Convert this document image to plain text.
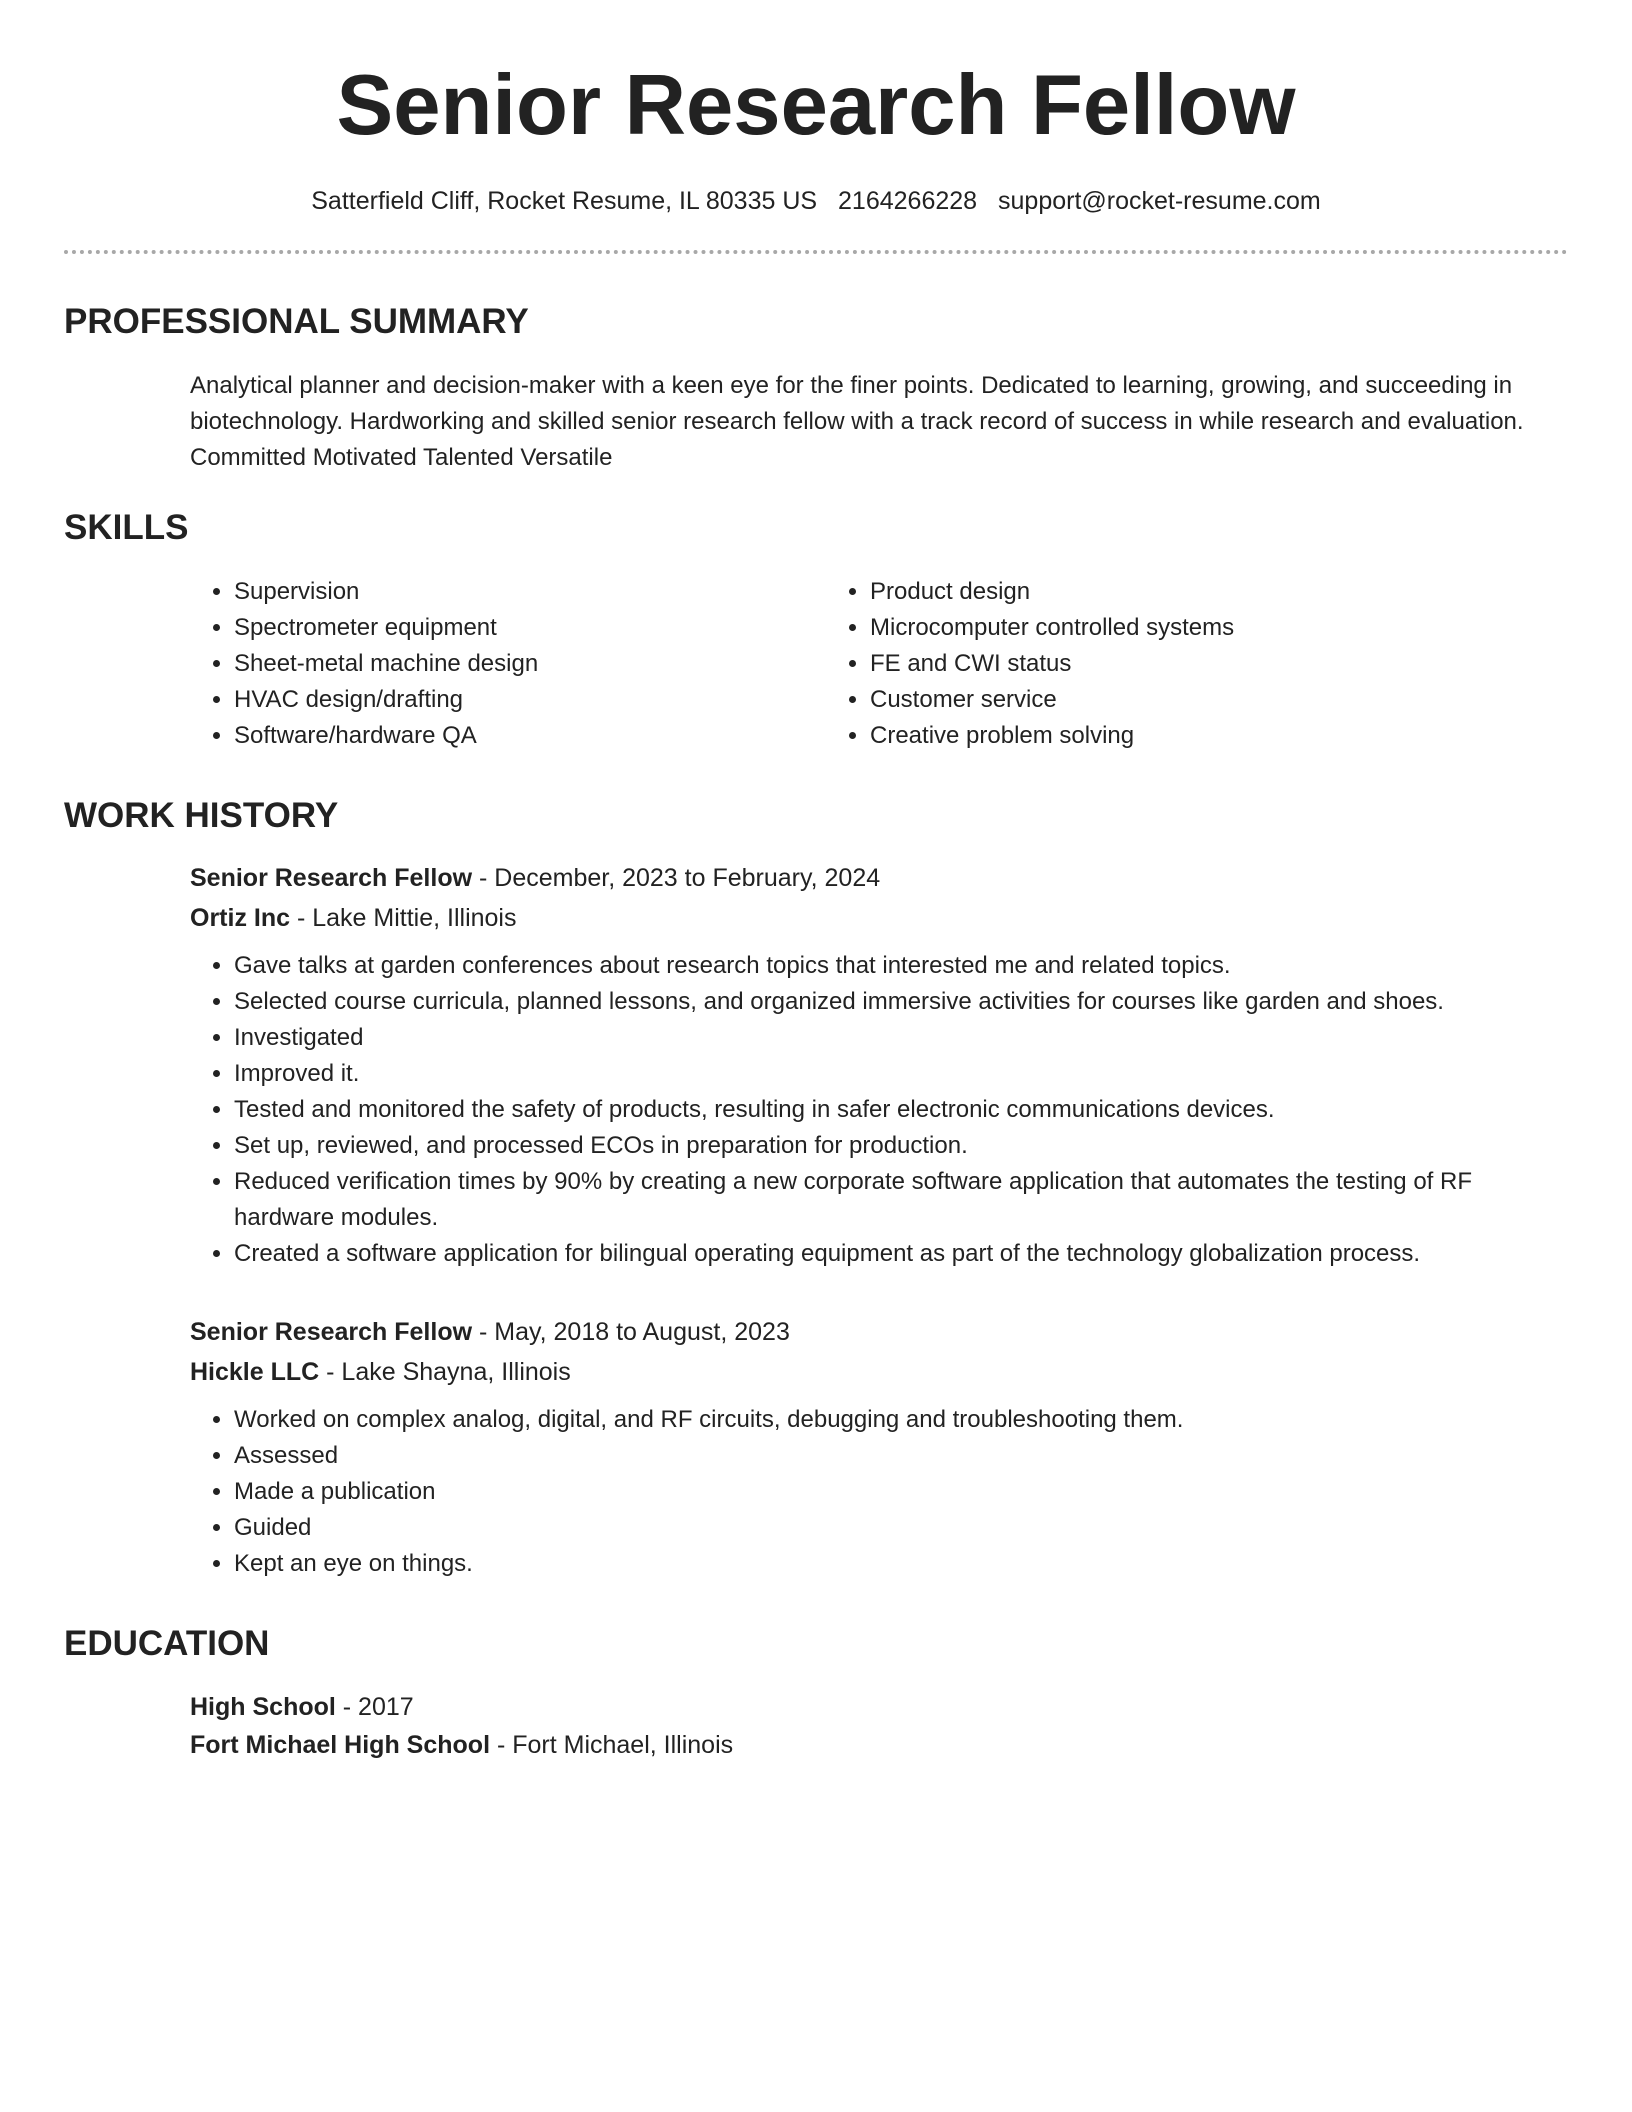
Senior Research Fellow
Satterfield Cliff, Rocket Resume, IL 80335 US 2164266228 support@rocket-resume.com
PROFESSIONAL SUMMARY

Analytical planner and decision-maker with a keen eye for the finer points. Dedicated to learning, growing, and succeeding in biotechnology. Hardworking and skilled senior research fellow with a track record of success in while research and evaluation. Committed Motivated Talented Versatile

SKILLS
• Supervision
• Spectrometer equipment
• Sheet-metal machine design
• HVAC design/drafting
• Software/hardware QA
• Product design
• Microcomputer controlled systems
• FE and CWI status
• Customer service
• Creative problem solving
WORK HISTORY
Senior Research Fellow - December, 2023 to February, 2024
Ortiz Inc - Lake Mittie, Illinois
• Gave talks at garden conferences about research topics that interested me and related topics.
• Selected course curricula, planned lessons, and organized immersive activities for courses like garden and shoes.
• Investigated
• Improved it.
• Tested and monitored the safety of products, resulting in safer electronic communications devices.
• Set up, reviewed, and processed ECOs in preparation for production.
• Reduced verification times by 90% by creating a new corporate software application that automates the testing of RF hardware modules.
• Created a software application for bilingual operating equipment as part of the technology globalization process.
Senior Research Fellow - May, 2018 to August, 2023
Hickle LLC - Lake Shayna, Illinois
• Worked on complex analog, digital, and RF circuits, debugging and troubleshooting them.
• Assessed
• Made a publication
• Guided
• Kept an eye on things.
EDUCATION
High School - 2017
Fort Michael High School - Fort Michael, Illinois
